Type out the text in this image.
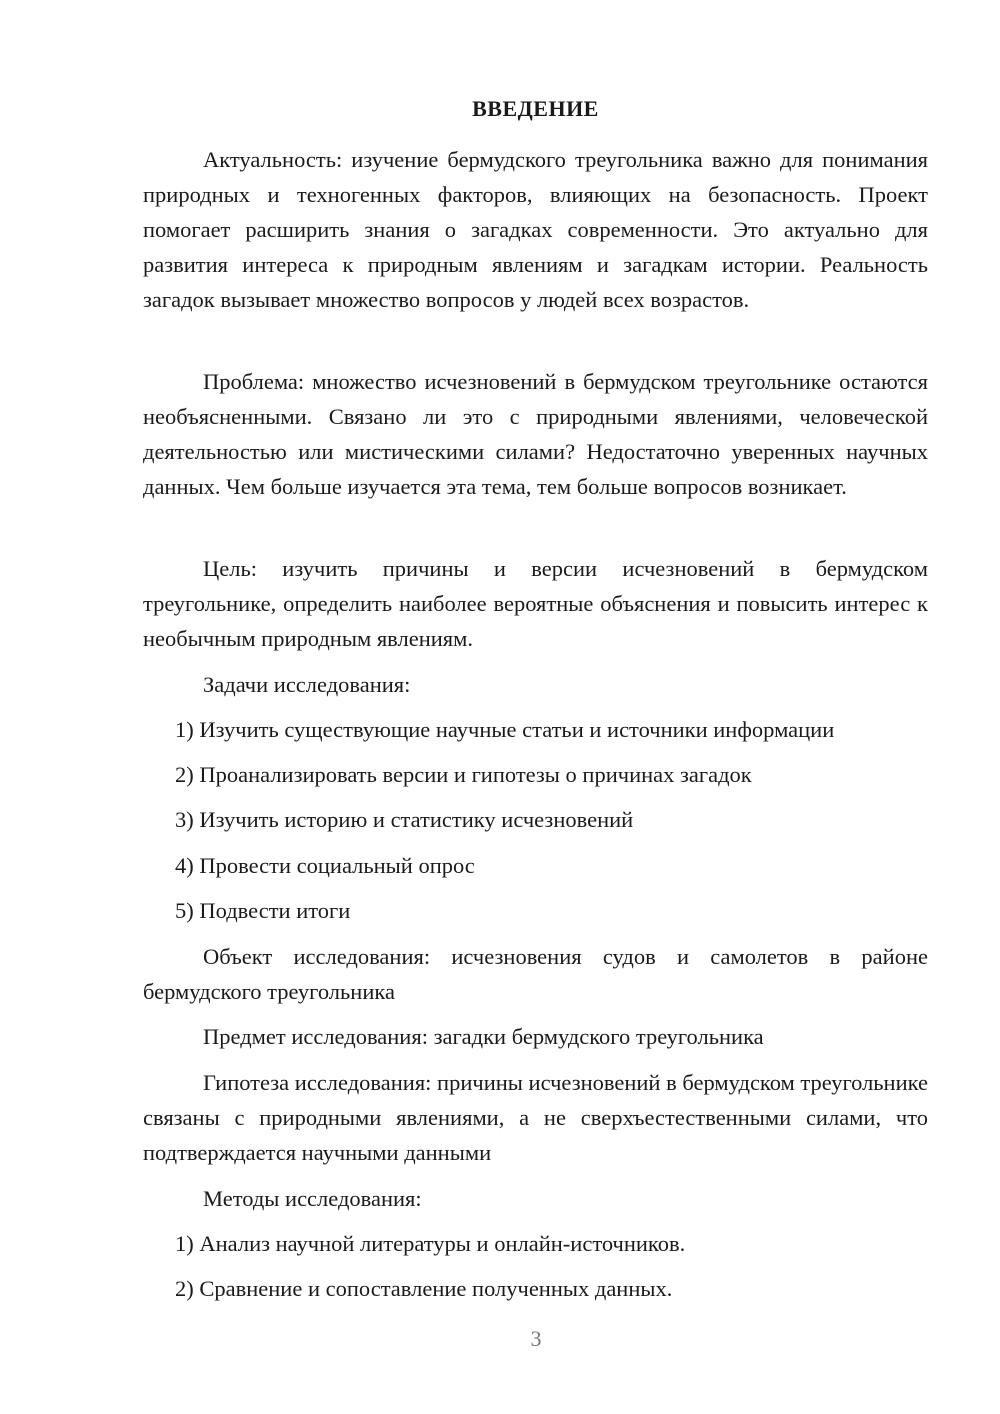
ВВЕДЕНИЕ

Актуальность: изучение бермудского треугольника важно для понимания природных и техногенных факторов, влияющих на безопасность. Проект помогает расширить знания о загадках современности. Это актуально для развития интереса к природным явлениям и загадкам истории. Реальность загадок вызывает множество вопросов у людей всех возрастов.

Проблема: множество исчезновений в бермудском треугольнике остаются необъясненными. Связано ли это с природными явлениями, человеческой деятельностью или мистическими силами? Недостаточно уверенных научных данных. Чем больше изучается эта тема, тем больше вопросов возникает.

Цель: изучить причины и версии исчезновений в бермудском треугольнике, определить наиболее вероятные объяснения и повысить интерес к необычным природным явлениям.

Задачи исследования:

1) Изучить существующие научные статьи и источники информации

2) Проанализировать версии и гипотезы о причинах загадок

3) Изучить историю и статистику исчезновений

4) Провести социальный опрос

5) Подвести итоги

Объект исследования: исчезновения судов и самолетов в районе бермудского треугольника

Предмет исследования: загадки бермудского треугольника

Гипотеза исследования: причины исчезновений в бермудском треугольнике связаны с природными явлениями, а не сверхъестественными силами, что подтверждается научными данными

Методы исследования:

1) Анализ научной литературы и онлайн-источников.

2) Сравнение и сопоставление полученных данных.

3
